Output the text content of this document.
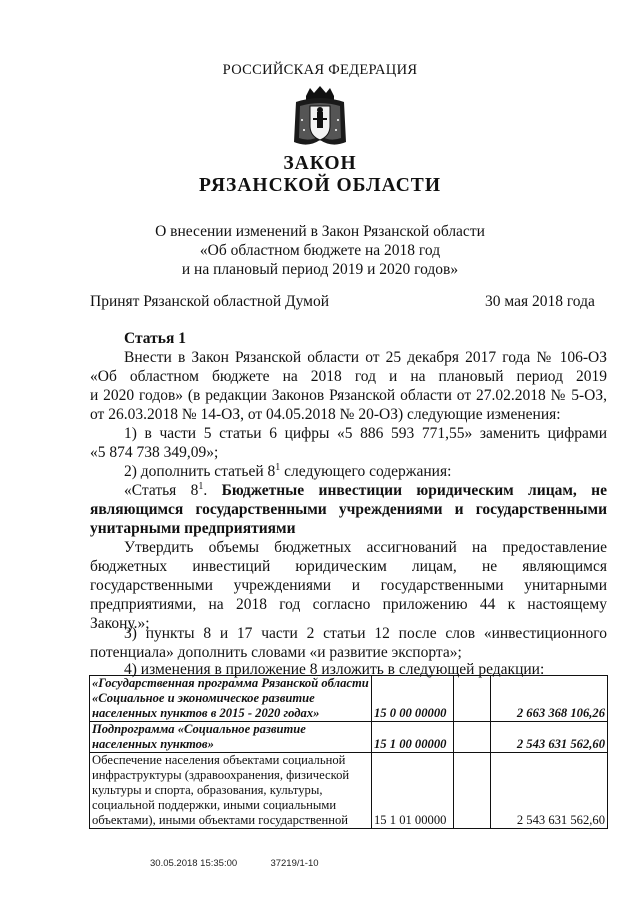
РОССИЙСКАЯ ФЕДЕРАЦИЯ
ЗАКОН
РЯЗАНСКОЙ ОБЛАСТИ
О внесении изменений в Закон Рязанской области
«Об областном бюджете на 2018 год
и на плановый период 2019 и 2020 годов»
Принят Рязанской областной Думой	30 мая 2018 года
Статья 1
Внести в Закон Рязанской области от 25 декабря 2017 года № 106-ОЗ
«Об областном бюджете на 2018 год и на плановый период 2019
и 2020 годов» (в редакции Законов Рязанской области от 27.02.2018 № 5-ОЗ,
от 26.03.2018 № 14-ОЗ, от 04.05.2018 № 20-ОЗ) следующие изменения:
1) в части 5 статьи 6 цифры «5 886 593 771,55» заменить цифрами
«5 874 738 349,09»;
2) дополнить статьей $8^1$ следующего содержания:
«Статья $8^1$. Бюджетные инвестиции юридическим лицам, не
являющимся государственными учреждениями и государственными
унитарными предприятиями
Утвердить объемы бюджетных ассигнований на предоставление
бюджетных инвестиций юридическим лицам, не являющимся
государственными учреждениями и государственными унитарными
предприятиями, на 2018 год согласно приложению 44 к настоящему
Закону.»;
3) пункты 8 и 17 части 2 статьи 12 после слов «инвестиционного
«Государственная программа Рязанской области «Социальное и экономическое развитие населенных пунктов в 2015 - 2020 годах»	15 0 00 00000		2 663 368 106,26
Подпрограмма «Социальное развитие населенных пунктов»	15 1 00 00000		2 543 631 562,60
Обеспечение населения объектами социальной инфраструктуры (здравоохранения, физической культуры и спорта, образования, культуры, социальной поддержки, иными социальными объектами), иными объектами государственной	15 1 01 00000		2 543 631 562,60
30.05.2018 15:35:00	37219/1-10
потенциала» дополнить словами «и развитие экспорта»;
4) изменения в приложение 8 изложить в следующей редакции:
